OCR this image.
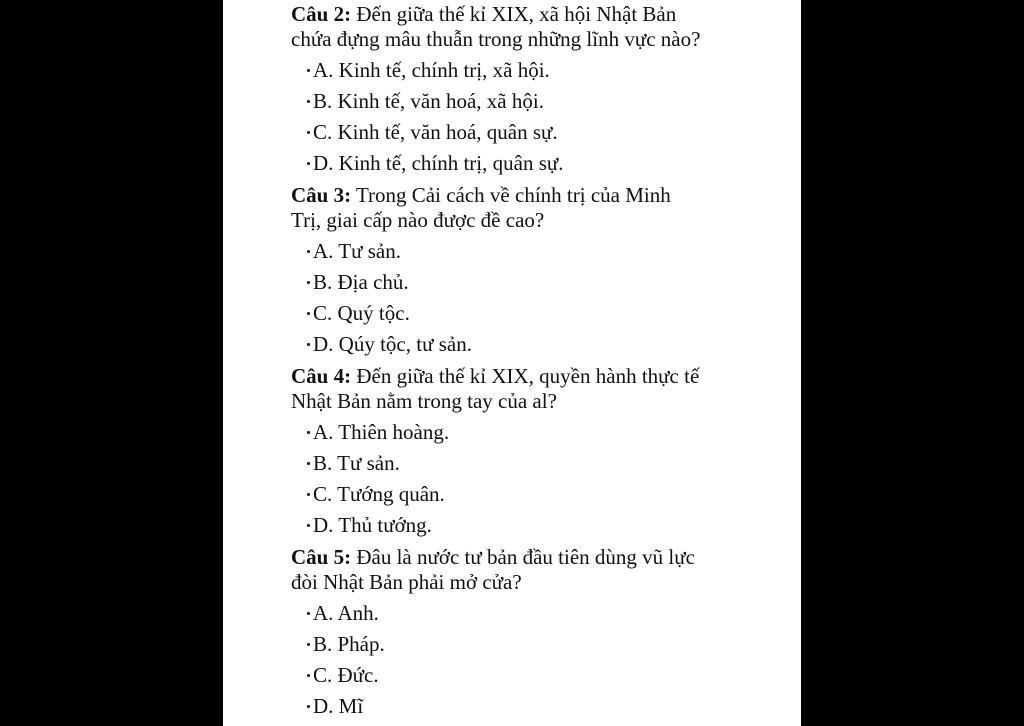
Câu 2: Đến giữa thế kỉ XIX, xã hội Nhật Bản

chứa đựng mâu thuẫn trong những lĩnh vực nào?

A. Kinh tế, chính trị, xã hội.
B. Kinh tế, văn hoá, xã hội.
C. Kinh tế, văn hoá, quân sự.
D. Kinh tế, chính trị, quân sự.

Câu 3: Trong Cải cách về chính trị của Minh

Trị, giai cấp nào được đề cao?

A. Tư sản.
B. Địa chủ.
C. Quý tộc.
D. Qúy tộc, tư sản.

Câu 4: Đến giữa thế kỉ XIX, quyền hành thực tế

Nhật Bản nằm trong tay của al?

A. Thiên hoàng.
B. Tư sản.
C. Tướng quân.
D. Thủ tướng.

Câu 5: Đâu là nước tư bản đầu tiên dùng vũ lực

đòi Nhật Bản phải mở cửa?

A. Anh.
B. Pháp.
C. Đức.
D. Mĩ
